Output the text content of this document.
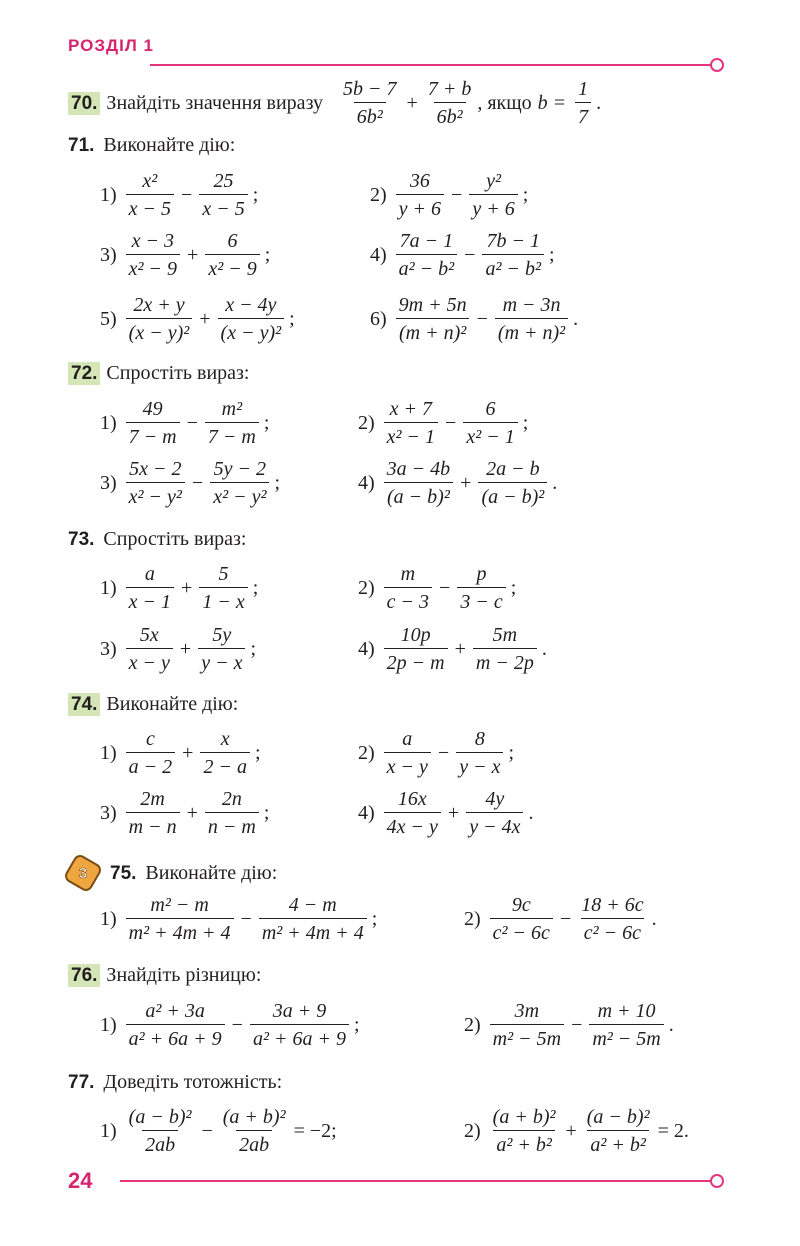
РОЗДІЛ 1
70. Знайдіть значення виразу $\frac{5b - 7}{\text{6b²}} + \frac{7 + b}{\text{6b²}}$ , якщо $b = \frac{1}{7}$ .
71. Виконайте дію:
$1) \frac{\text{x²}}{x - 5} - \frac{25}{x - 5}$ ;	$2) \frac{36}{y + 6} - \frac{\text{y²}}{y + 6}$ ;
$3) \frac{x - 3}{\text{x² − 9}} + \frac{6}{\text{x² − 9}}$ ;	$4) \frac{7a - 1}{\text{a² − b²}} - \frac{7b - 1}{\text{a² − b²}}$ ;
$5) \frac{2x + y}{\text{(x − y)²}} + \frac{x - 4y}{\text{(x − y)²}}$ ;	$6) \frac{9m + 5n}{\text{(m + n)²}} - \frac{m - 3n}{\text{(m + n)²}}$ .
72. Спростіть вираз:
$1) \frac{49}{7 - m} - \frac{\text{m²}}{7 - m}$ ;	$2) \frac{x + 7}{\text{x² − 1}} - \frac{6}{\text{x² − 1}}$ ;
$3) \frac{5x - 2}{\text{x² − y²}} - \frac{5y - 2}{\text{x² − y²}}$ ;	$4) \frac{3a - 4b}{\text{(a − b)²}} + \frac{2a - b}{\text{(a − b)²}}$ .
73. Спростіть вираз:
$1) \frac{a}{x - 1} + \frac{5}{1 - x}$ ;	$2) \frac{m}{c - 3} - \frac{p}{3 - c}$ ;
$3) \frac{5x}{x - y} + \frac{5y}{y - x}$ ;	$4) \frac{10p}{2p - m} + \frac{5m}{m - 2p}$ .
74. Виконайте дію:
$1) \frac{c}{a - 2} + \frac{x}{2 - a}$ ;	$2) \frac{a}{x - y} - \frac{8}{y - x}$ ;
$3) \frac{2m}{m - n} + \frac{2n}{n - m}$ ;	$4) \frac{16x}{4x - y} + \frac{4y}{y - 4x}$ .
3 75. Виконайте дію:
$1) \frac{\text{m² − m}}{\text{m² + 4m + 4}} - \frac{4 - m}{\text{m² + 4m + 4}}$ ;	$2) \frac{9c}{\text{c² − 6c}} - \frac{18 + 6c}{\text{c² − 6c}}$ .
76. Знайдіть різницю:
$1) \frac{\text{a² + 3a}}{\text{a² + 6a + 9}} - \frac{3a + 9}{\text{a² + 6a + 9}}$ ;	$2) \frac{3m}{\text{m² − 5m}} - \frac{m + 10}{\text{m² − 5m}}$ .
77. Доведіть тотожність:
$1) \frac{\text{(a − b)²}}{2ab} - \frac{\text{(a + b)²}}{2ab} = -2$;	$2) \frac{\text{(a + b)²}}{\text{a² + b²}} + \frac{\text{(a − b)²}}{\text{a² + b²}} = 2$.
24
